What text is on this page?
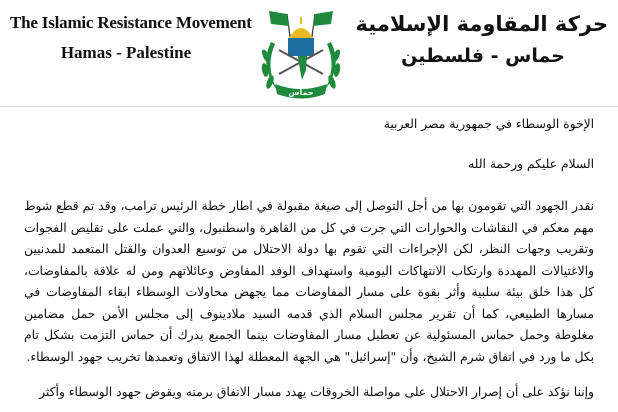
The Islamic Resistance Movement
Hamas - Palestine
حماس
حركة المقاومة الإسلامية
حماس - فلسطين
الإخوة الوسطاء في جمهورية مصر العربية
السلام عليكم ورحمة الله
نقدر الجهود التي تقومون بها من أجل التوصل إلى صيغة مقبولة في اطار خطة الرئيس ترامب، وقد تم قطع شوط مهم معكم في النقاشات والحوارات التي جرت في كل من القاهرة واسطنبول، والتي عملت على تقليص الفجوات وتقريب وجهات النظر، لكن الإجراءات التي تقوم بها دولة الاحتلال من توسيع العدوان والقتل المتعمد للمدنيين والاغتيالات المهددة وارتكاب الانتهاكات اليومية واستهداف الوفد المفاوض وعائلاتهم ومن له علاقة بالمفاوضات، كل هذا خلق بيئة سلبية وأثر بقوة على مسار المفاوضات مما يجهض محاولات الوسطاء ابقاء المفاوضات في مسارها الطبيعي، كما أن تقرير مجلس السلام الذي قدمه السيد ملادينوف إلى مجلس الأمن حمل مضامين مغلوطة وحمل حماس المسئولية عن تعطيل مسار المفاوضات بينما الجميع يدرك أن حماس التزمت بشكل تام بكل ما ورد في اتفاق شرم الشيخ، وأن "إسرائيل" هي الجهة المعطلة لهذا الاتفاق وتعمدها تخريب جهود الوسطاء.
وإننا نؤكد على أن إصرار الاحتلال على مواصلة الخروقات يهدد مسار الاتفاق برمته ويقوض جهود الوسطاء وأكثر
